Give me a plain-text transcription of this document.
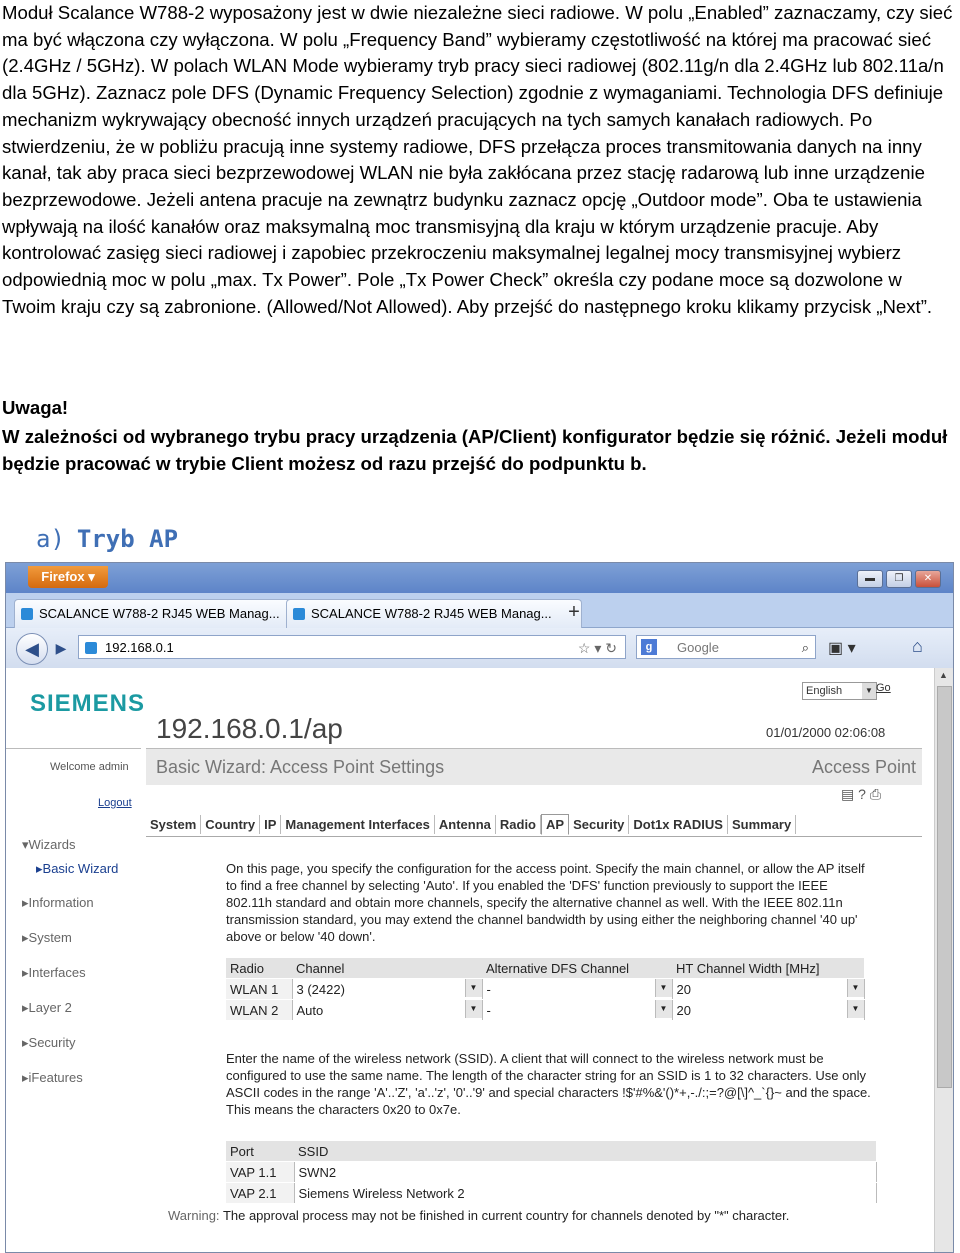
Moduł Scalance W788-2 wyposażony jest w dwie niezależne sieci radiowe. W polu „Enabled” zaznaczamy, czy sieć ma być włączona czy wyłączona. W polu „Frequency Band” wybieramy częstotliwość na której ma pracować sieć (2.4GHz / 5GHz). W polach WLAN Mode wybieramy tryb pracy sieci radiowej (802.11g/n dla 2.4GHz lub 802.11a/n dla 5GHz). Zaznacz pole DFS (Dynamic Frequency Selection) zgodnie z wymaganiami. Technologia DFS definiuje mechanizm wykrywający obecność innych urządzeń pracujących na tych samych kanałach radiowych. Po stwierdzeniu, że w pobliżu pracują inne systemy radiowe, DFS przełącza proces transmitowania danych na inny kanał, tak aby praca sieci bezprzewodowej WLAN nie była zakłócana przez stację radarową lub inne urządzenie bezprzewodowe. Jeżeli antena pracuje na zewnątrz budynku zaznacz opcję „Outdoor mode”. Oba te ustawienia wpływają na ilość kanałów oraz maksymalną moc transmisyjną dla kraju w którym urządzenie pracuje. Aby kontrolować zasięg sieci radiowej i zapobiec przekroczeniu maksymalnej legalnej mocy transmisyjnej wybierz odpowiednią moc w polu „max. Tx Power”. Pole „Tx Power Check” określa czy podane moce są dozwolone w Twoim kraju czy są zabronione. (Allowed/Not Allowed). Aby przejść do następnego kroku klikamy przycisk „Next”.

Uwaga!

W zależności od wybranego trybu pracy urządzenia (AP/Client) konfigurator będzie się różnić. Jeżeli moduł będzie pracować w trybie Client możesz od razu przejść do podpunktu b.

a) Tryb AP
Firefox ▾	▬	❐	✕
SCALANCE W788-2 RJ45 WEB Manag...	SCALANCE W788-2 RJ45 WEB Manag... +
◀	▶	192.168.0.1	☆ ▾ ↻	g	Google	⌕ ▣ ▾	⌂
SIEMENS	English	▼ Go
192.168.0.1/ap	01/01/2000 02:06:08
Welcome admin
Logout
▾Wizards
▸Basic Wizard
▸Information
▸System
▸Interfaces
▸Layer 2
▸Security
▸iFeatures
Basic Wizard: Access Point Settings	Access Point
▤ ? ⎙
System Country IP Management Interfaces Antenna Radio AP Security Dot1x RADIUS Summary
On this page, you specify the configuration for the access point. Specify the main channel, or allow the AP itself to find a free channel by selecting 'Auto'. If you enabled the 'DFS' function previously to support the IEEE 802.11h standard and obtain more channels, specify the alternative channel as well. With the IEEE 802.11n transmission standard, you may extend the channel bandwidth by using either the neighboring channel '40 up' above or below '40 down'.
Radio	Channel	Alternative DFS Channel	HT Channel Width [MHz]
WLAN 1	3 (2422) ▼	- ▼	20 ▼

WLAN 2	Auto ▼	- ▼	20 ▼
Enter the name of the wireless network (SSID). A client that will connect to the wireless network must be configured to use the same name. The length of the character string for an SSID is 1 to 32 characters. Use only ASCII codes in the range 'A'..'Z', 'a'..'z', '0'..'9' and special characters !$'#%&'()*+,-./:;=?@[\]^_`{}~ and the space. This means the characters 0x20 to 0x7e.
Port	SSID
VAP 1.1	SWN2
VAP 2.1	Siemens Wireless Network 2
Warning: The approval process may not be finished in current country for channels denoted by "*" character.
▲
